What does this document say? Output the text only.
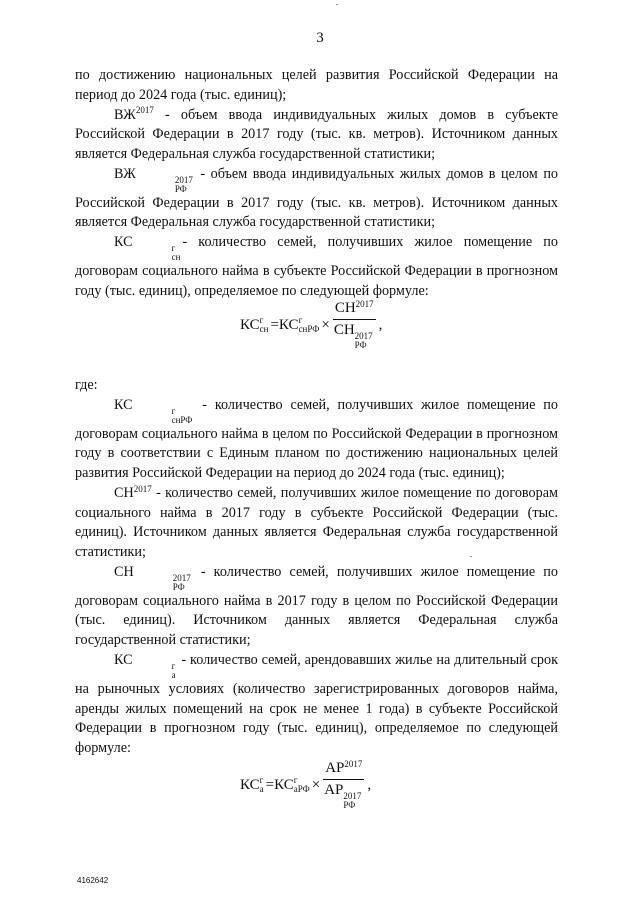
3

по достижению национальных целей развития Российской Федерации на период до 2024 года (тыс. единиц);

$ВЖ^{2017}$ - объем ввода индивидуальных жилых домов в субъекте Российской Федерации в 2017 году (тыс. кв. метров). Источником данных является Федеральная служба государственной статистики;

ВЖ	2017
РФ
- объем ввода индивидуальных жилых домов в целом по Российской Федерации в 2017 году (тыс. кв. метров). Источником данных является Федеральная служба государственной статистики;

КС	г
сн
- количество семей, получивших жилое помещение по договорам социального найма в субъекте Российской Федерации в прогнозном году (тыс. единиц), определяемое по следующей формуле:

где:

КС	г
снРФ
- количество семей, получивших жилое помещение по договорам социального найма в целом по Российской Федерации в прогнозном году в соответствии с Единым планом по достижению национальных целей развития Российской Федерации на период до 2024 года (тыс. единиц);

$СН^{2017}$ - количество семей, получивших жилое помещение по договорам социального найма в 2017 году в субъекте Российской Федерации (тыс. единиц). Источником данных является Федеральная служба государственной статистики;

СН	2017
РФ
- количество семей, получивших жилое помещение по договорам социального найма в 2017 году в целом по Российской Федерации (тыс. единиц). Источником данных является Федеральная служба государственной статистики;

КС	г
а
- количество семей, арендовавших жилье на длительный срок на рыночных условиях (количество зарегистрированных договоров найма, аренды жилых помещений на срок не менее 1 года) в субъекте Российской Федерации в прогнозном году (тыс. единиц), определяемое по следующей формуле:

КС г
сн = КС г
снРФ × $СН^{2017}$
СН 2017
РФ ,
КС г
а = КС г
аРФ × $АР^{2017}$
АР 2017
РФ ,
4162642
